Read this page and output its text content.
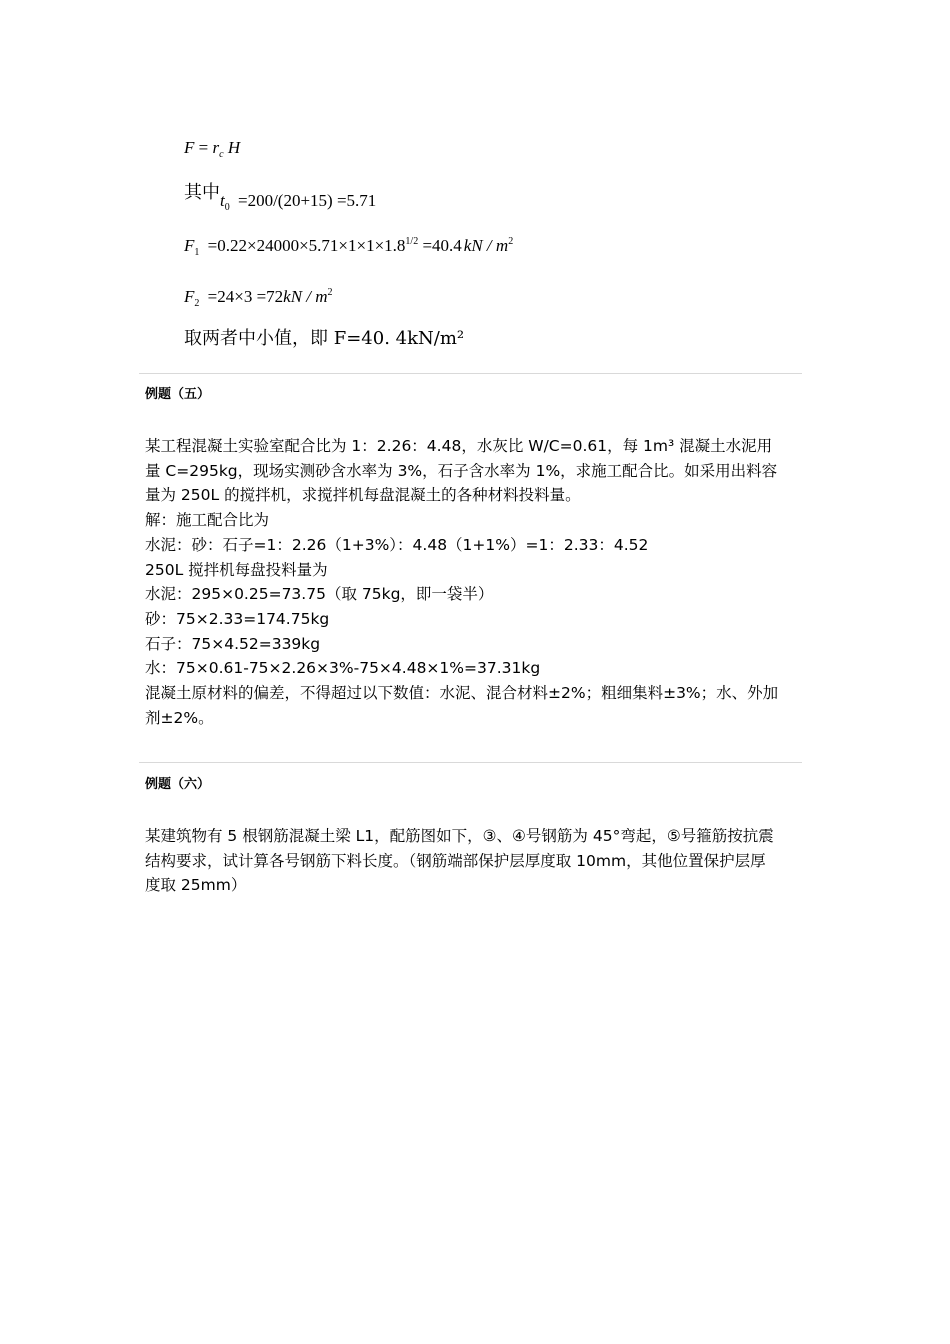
$F = r_c$ H
其中$t_0 =200/(20+15) =5.71$
$F_1 =0.22\times 24000\times 5.71\times 1\times 1\times 1.8^{1/2} =40.4$ kN / $m^2$
$F_2 =24\times 3 =72kN / m^2$
取两者中小值，即 F=40. 4kN/m²
例题（五）

某工程混凝土实验室配合比为 1：2.26：4.48，水灰比 W/C=0.61，每 1m³ 混凝土水泥用

量 C=295kg，现场实测砂含水率为 3%，石子含水率为 1%，求施工配合比。如采用出料容

量为 250L 的搅拌机，求搅拌机每盘混凝土的各种材料投料量。

解：施工配合比为

水泥：砂：石子=1：2.26（1+3%）：4.48（1+1%）=1：2.33：4.52

250L 搅拌机每盘投料量为

水泥：295×0.25=73.75（取 75kg，即一袋半）

砂：75×2.33=174.75kg

石子：75×4.52=339kg

水：75×0.61-75×2.26×3%-75×4.48×1%=37.31kg

混凝土原材料的偏差，不得超过以下数值：水泥、混合材料±2%；粗细集料±3%；水、外加

剂±2%。

例题（六）

某建筑物有 5 根钢筋混凝土梁 L1，配筋图如下，③、④号钢筋为 45°弯起，⑤号箍筋按抗震

结构要求，试计算各号钢筋下料长度。（钢筋端部保护层厚度取 10mm，其他位置保护层厚

度取 25mm）
